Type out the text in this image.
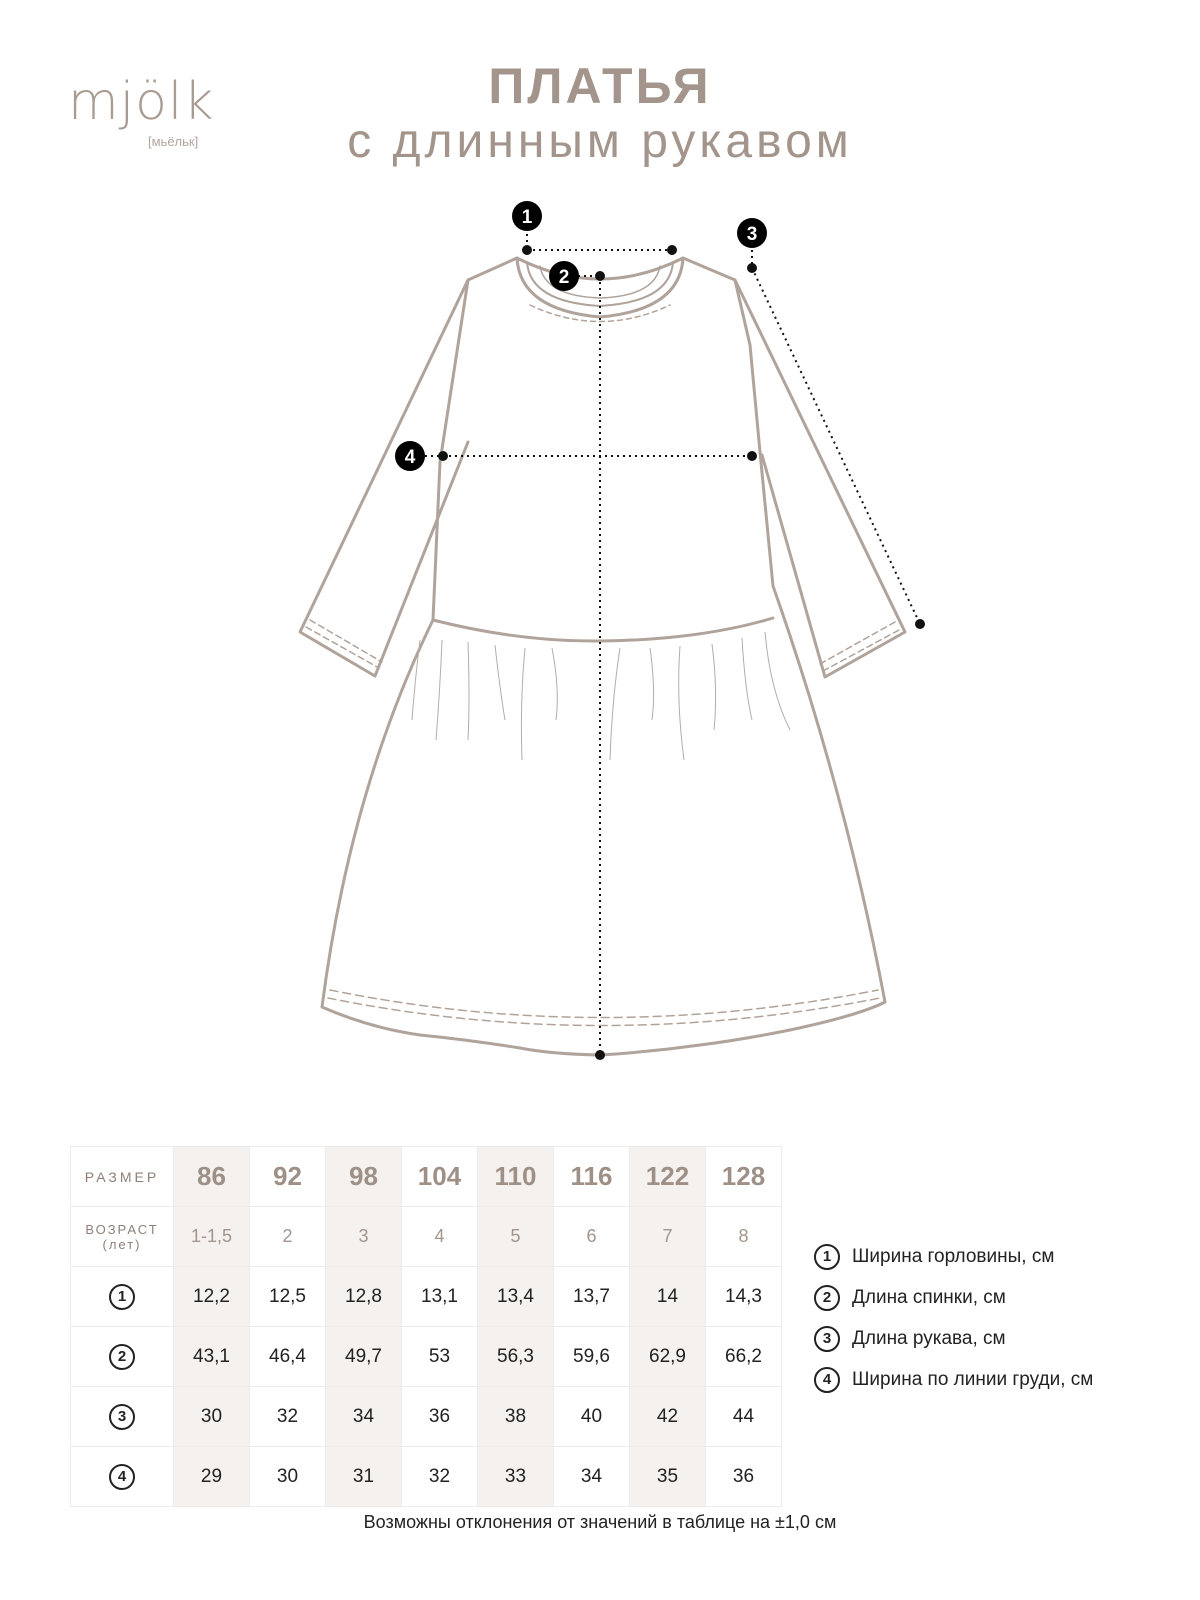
mjölk
[мьёльк]
ПЛАТЬЯ
с длинным рукавом
1
2
3
4
РАЗМЕР	86	92	98	104	110	116	122	128

ВОЗРАСТ
(лет)	1-1,5	2	3	4	5	6	7	8
1	12,2	12,5	12,8	13,1	13,4	13,7	14	14,3
2	43,1	46,4	49,7	53	56,3	59,6	62,9	66,2
3	30	32	34	36	38	40	42	44
4	29	30	31	32	33	34	35	36
1	Ширина горловины, см
2	Длина спинки, см
3	Длина рукава, см
4	Ширина по линии груди, см
Возможны отклонения от значений в таблице на ±1,0 см
